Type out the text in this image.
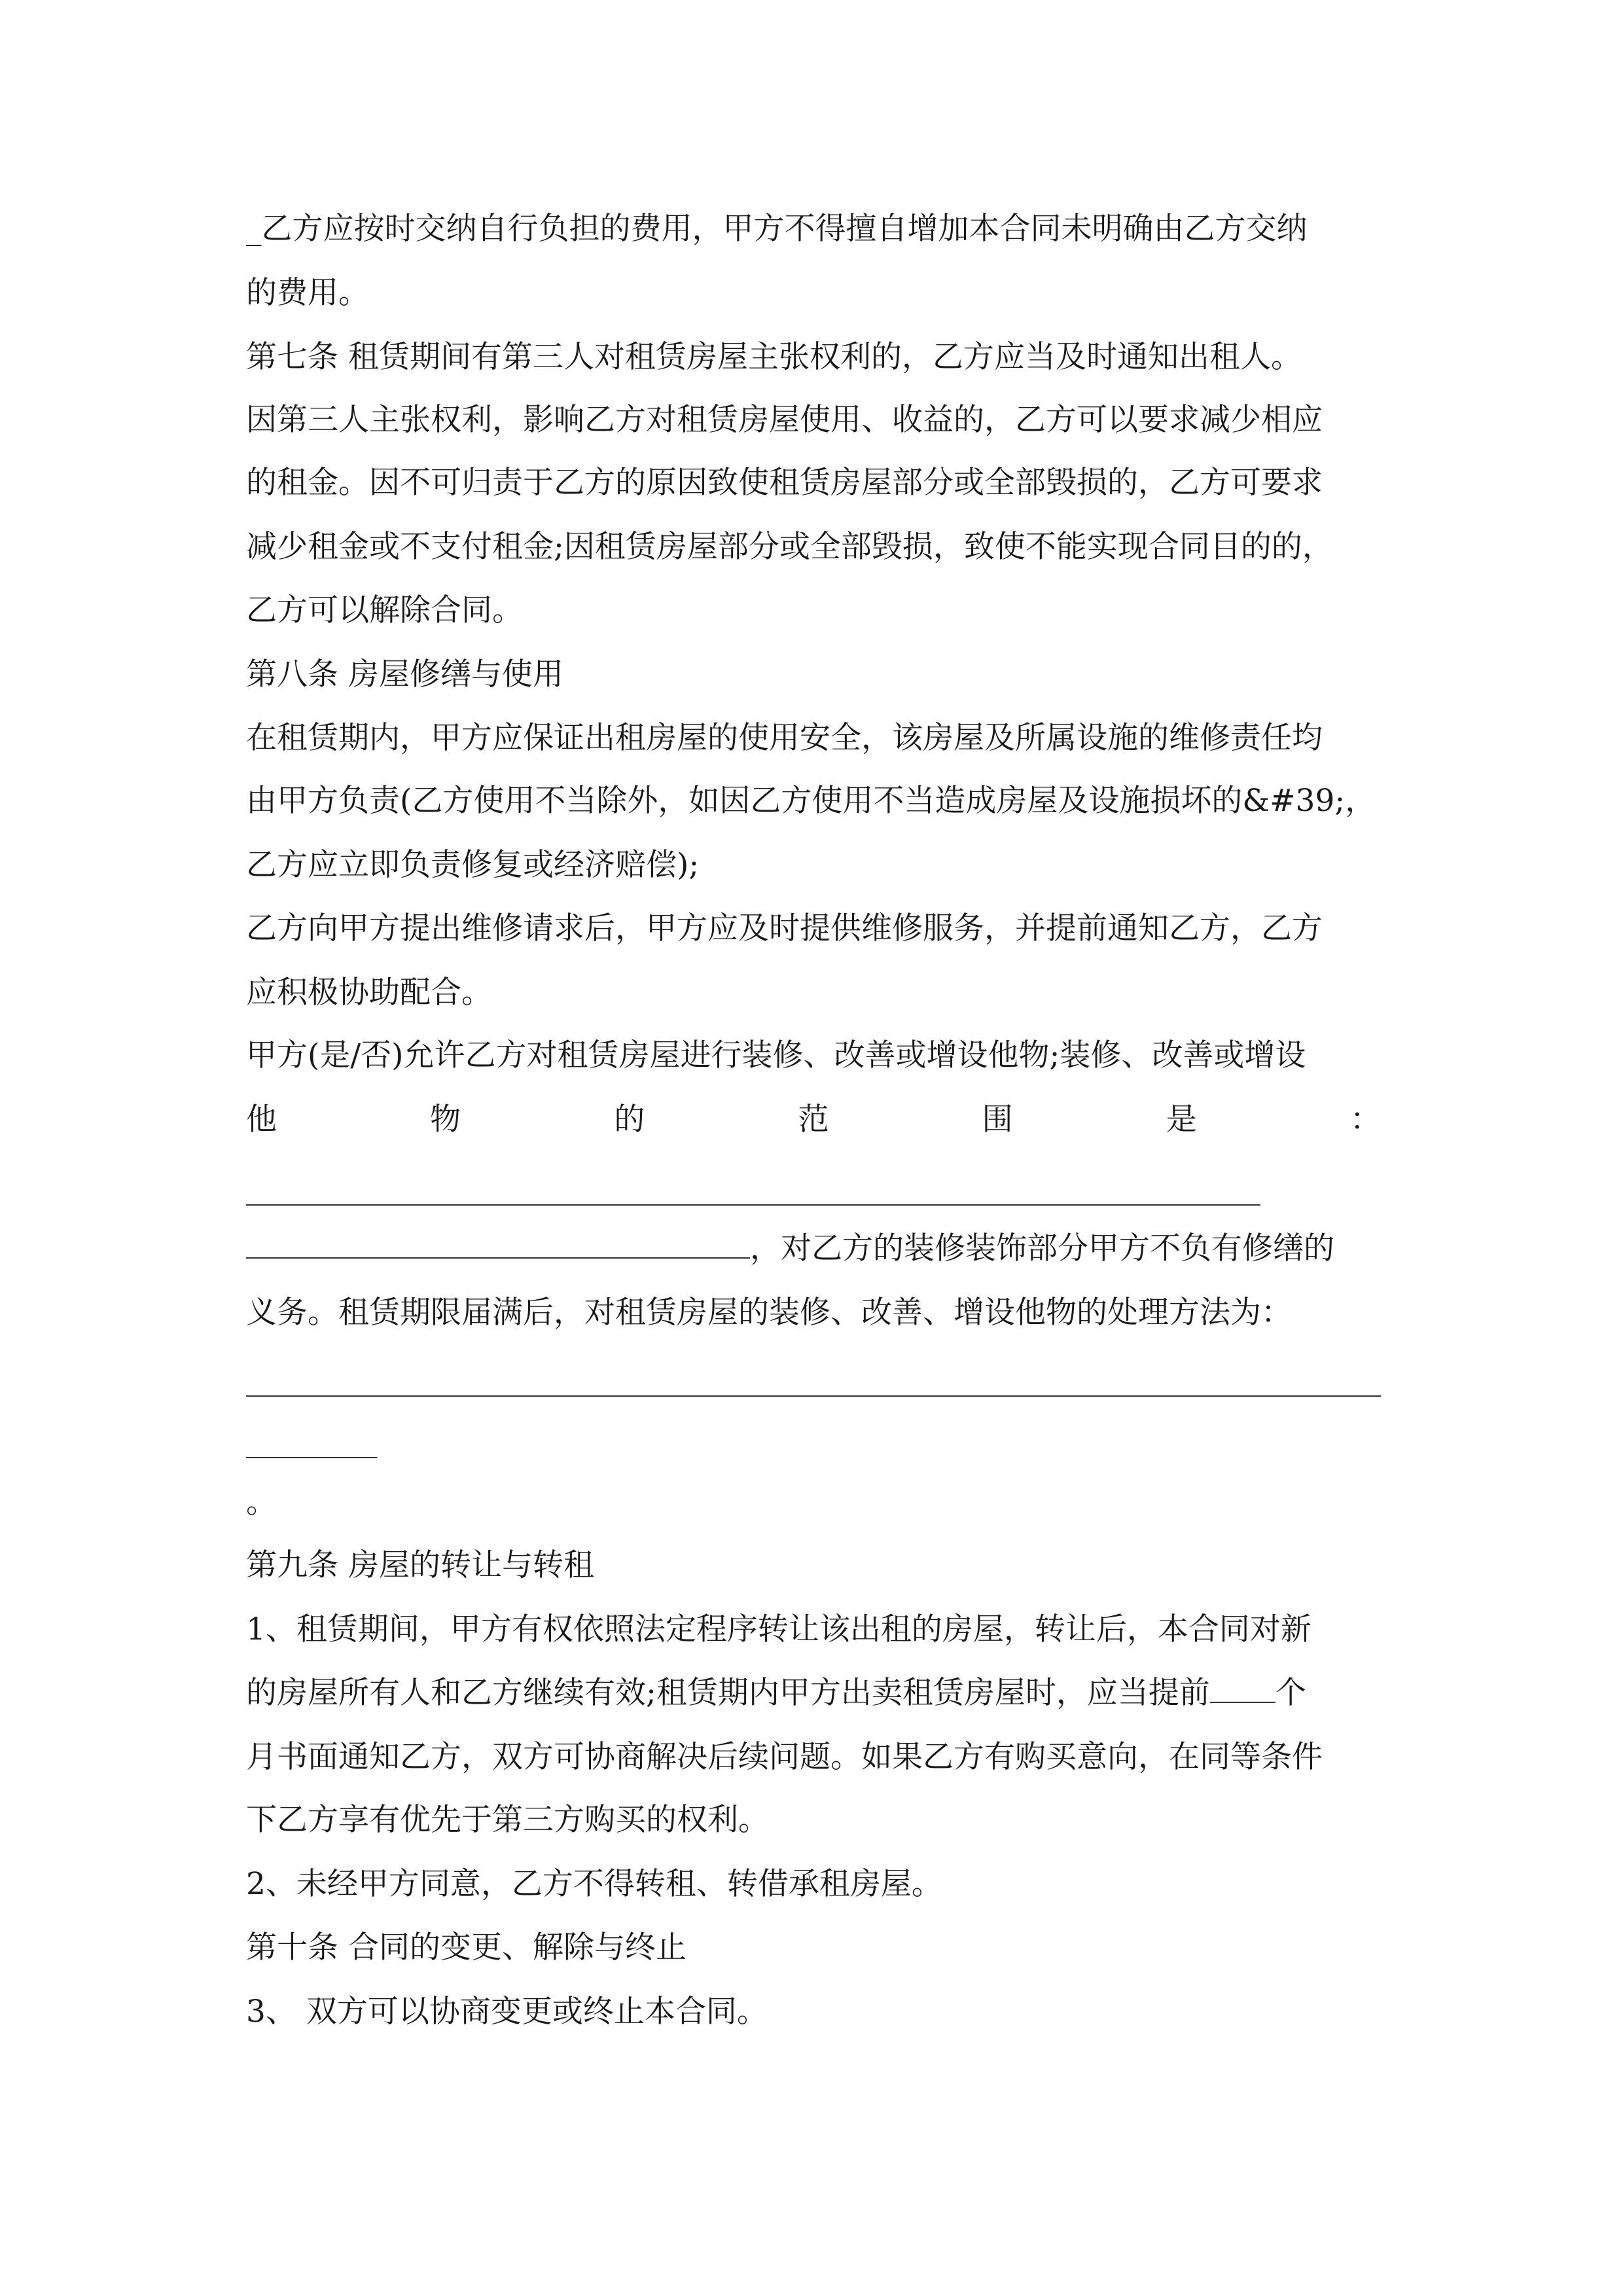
_乙方应按时交纳自行负担的费用，甲方不得擅自增加本合同未明确由乙方交纳

的费用。

第七条 租赁期间有第三人对租赁房屋主张权利的，乙方应当及时通知出租人。

因第三人主张权利，影响乙方对租赁房屋使用、收益的，乙方可以要求减少相应

的租金。因不可归责于乙方的原因致使租赁房屋部分或全部毁损的，乙方可要求

减少租金或不支付租金;因租赁房屋部分或全部毁损，致使不能实现合同目的的，

乙方可以解除合同。

第八条 房屋修缮与使用

在租赁期内，甲方应保证出租房屋的使用安全，该房屋及所属设施的维修责任均

由甲方负责(乙方使用不当除外，如因乙方使用不当造成房屋及设施损坏的&#39;，

乙方应立即负责修复或经济赔偿);

乙方向甲方提出维修请求后，甲方应及时提供维修服务，并提前通知乙方，乙方

应积极协助配合。

甲方(是/否)允许乙方对租赁房屋进行装修、改善或增设他物;装修、改善或增设

他	物	的	范	围	是	：

，对乙方的装修装饰部分甲方不负有修缮的

义务。租赁期限届满后，对租赁房屋的装修、改善、增设他物的处理方法为：

。

第九条 房屋的转让与转租

1、租赁期间，甲方有权依照法定程序转让该出租的房屋，转让后，本合同对新

的房屋所有人和乙方继续有效;租赁期内甲方出卖租赁房屋时，应当提前 个

月书面通知乙方，双方可协商解决后续问题。如果乙方有购买意向，在同等条件

下乙方享有优先于第三方购买的权利。

2、未经甲方同意，乙方不得转租、转借承租房屋。

第十条 合同的变更、解除与终止

3、 双方可以协商变更或终止本合同。
